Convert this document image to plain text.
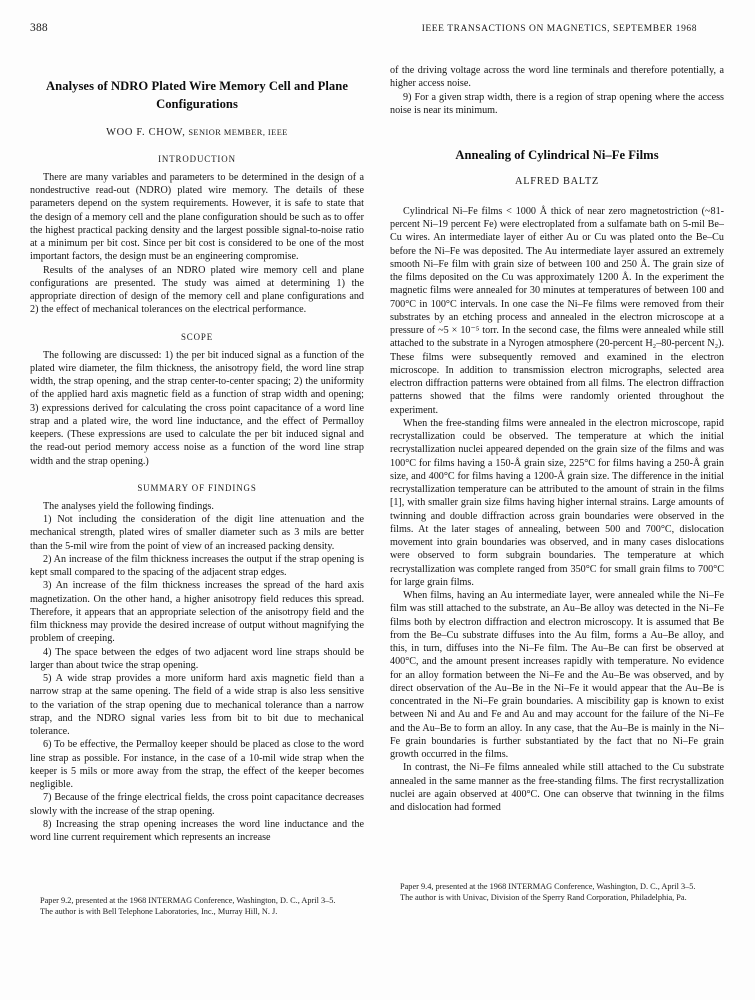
388	IEEE TRANSACTIONS ON MAGNETICS, SEPTEMBER 1968
Analyses of NDRO Plated Wire Memory Cell and Plane Configurations
WOO F. CHOW, SENIOR MEMBER, IEEE
INTRODUCTION

There are many variables and parameters to be determined in the design of a nondestructive read-out (NDRO) plated wire memory. The details of these parameters depend on the system requirements. However, it is safe to state that the design of a memory cell and the plane configuration should be such as to offer the highest practical packing density and the largest possible signal-to-noise ratio at a minimum per bit cost. Since per bit cost is considered to be one of the most important factors, the design must be an engineering compromise.

Results of the analyses of an NDRO plated wire memory cell and plane configurations are presented. The study was aimed at determining 1) the appropriate direction of design of the memory cell and plane configurations and 2) the effect of mechanical tolerances on the electrical performance.

SCOPE

The following are discussed: 1) the per bit induced signal as a function of the plated wire diameter, the film thickness, the anisotropy field, the word line strap width, the strap opening, and the strap center-to-center spacing; 2) the uniformity of the applied hard axis magnetic field as a function of strap width and opening; 3) expressions derived for calculating the cross point capacitance of a word line strap and a plated wire, the word line inductance, and the effect of Permalloy keepers. (These expressions are used to calculate the per bit induced signal and the read-out period memory access noise as a function of the word line strap width and the strap opening.)

SUMMARY OF FINDINGS

The analyses yield the following findings.

1) Not including the consideration of the digit line attenuation and the mechanical strength, plated wires of smaller diameter such as 3 mils are better than the 5-mil wire from the point of view of an increased packing density.

2) An increase of the film thickness increases the output if the strap opening is kept small compared to the spacing of the adjacent strap edges.

3) An increase of the film thickness increases the spread of the hard axis magnetization. On the other hand, a higher anisotropy field reduces this spread. Therefore, it appears that an appropriate selection of the anisotropy field and the film thickness may provide the desired increase of output without magnifying the problem of creeping.

4) The space between the edges of two adjacent word line straps should be larger than about twice the strap opening.

5) A wide strap provides a more uniform hard axis magnetic field than a narrow strap at the same opening. The field of a wide strap is also less sensitive to the variation of the strap opening due to mechanical tolerance than a narrow strap, and the NDRO signal varies less from bit to bit due to mechanical tolerance.

6) To be effective, the Permalloy keeper should be placed as close to the word line strap as possible. For instance, in the case of a 10-mil wide strap when the keeper is 5 mils or more away from the strap, the effect of the keeper becomes negligible.

7) Because of the fringe electrical fields, the cross point capacitance decreases slowly with the increase of the strap opening.

8) Increasing the strap opening increases the word line inductance and the word line current requirement which represents an increase

Paper 9.2, presented at the 1968 INTERMAG Conference, Washington, D. C., April 3–5.

The author is with Bell Telephone Laboratories, Inc., Murray Hill, N. J.

of the driving voltage across the word line terminals and therefore potentially, a higher access noise.

9) For a given strap width, there is a region of strap opening where the access noise is near its minimum.

Annealing of Cylindrical Ni–Fe Films
ALFRED BALTZ

Cylindrical Ni–Fe films < 1000 Å thick of near zero magnetostriction (~81-percent Ni–19 percent Fe) were electroplated from a sulfamate bath on 5-mil Be–Cu wires. An intermediate layer of either Au or Cu was plated onto the Be–Cu before the Ni–Fe was deposited. The Au intermediate layer assured an extremely smooth Ni–Fe film with grain size of between 100 and 250 Å. The grain size of the films deposited on the Cu was approximately 1200 Å. In the experiment the magnetic films were annealed for 30 minutes at temperatures of between 100 and 700°C in 100°C intervals. In one case the Ni–Fe films were removed from their substrates by an etching process and annealed in the electron microscope at a pressure of ~5 × 10⁻⁵ torr. In the second case, the films were annealed while still attached to the substrate in a Nyrogen atmosphere (20-percent H₂–80-percent N₂). These films were subsequently removed and examined in the electron microscope. In addition to transmission electron micrographs, selected area electron diffraction patterns were obtained from all films. The electron diffraction patterns showed that the films were randomly oriented throughout the experiment.

When the free-standing films were annealed in the electron microscope, rapid recrystallization could be observed. The temperature at which the initial recrystallization nuclei appeared depended on the grain size of the films and was 100°C for films having a 150-Å grain size, 225°C for films having a 250-Å grain size, and 400°C for films having a 1200-Å grain size. The difference in the initial recrystallization temperature can be attributed to the amount of strain in the films [1], with smaller grain size films having higher internal strains. Large amounts of twinning and double diffraction across grain boundaries were observed in the films. At the later stages of annealing, between 500 and 700°C, dislocation movement into grain boundaries was observed, and in many cases dislocations were observed to form subgrain boundaries. The temperature at which recrystallization was complete ranged from 350°C for small grain films to 700°C for large grain films.

When films, having an Au intermediate layer, were annealed while the Ni–Fe film was still attached to the substrate, an Au–Be alloy was detected in the Ni–Fe films both by electron diffraction and electron microscopy. It is assumed that Be from the Be–Cu substrate diffuses into the Au film, forms a Au–Be alloy, and this, in turn, diffuses into the Ni–Fe film. The Au–Be can first be observed at 400°C, and the amount present increases rapidly with temperature. No evidence for an alloy formation between the Ni–Fe and the Au–Be was observed, and by direct observation of the Au–Be in the Ni–Fe it would appear that the Au–Be is concentrated in the Ni–Fe grain boundaries. A miscibility gap is known to exist between Ni and Au and Fe and Au and may account for the failure of the Ni–Fe and the Au–Be to form an alloy. In any case, that the Au–Be is mainly in the Ni–Fe grain boundaries is further substantiated by the fact that no Ni–Fe grain growth occurred in the films.

In contrast, the Ni–Fe films annealed while still attached to the Cu substrate annealed in the same manner as the free-standing films. The first recrystallization nuclei are again observed at 400°C. One can observe that twinning in the films and dislocation had formed

Paper 9.4, presented at the 1968 INTERMAG Conference, Washington, D. C., April 3–5.

The author is with Univac, Division of the Sperry Rand Corporation, Philadelphia, Pa.
